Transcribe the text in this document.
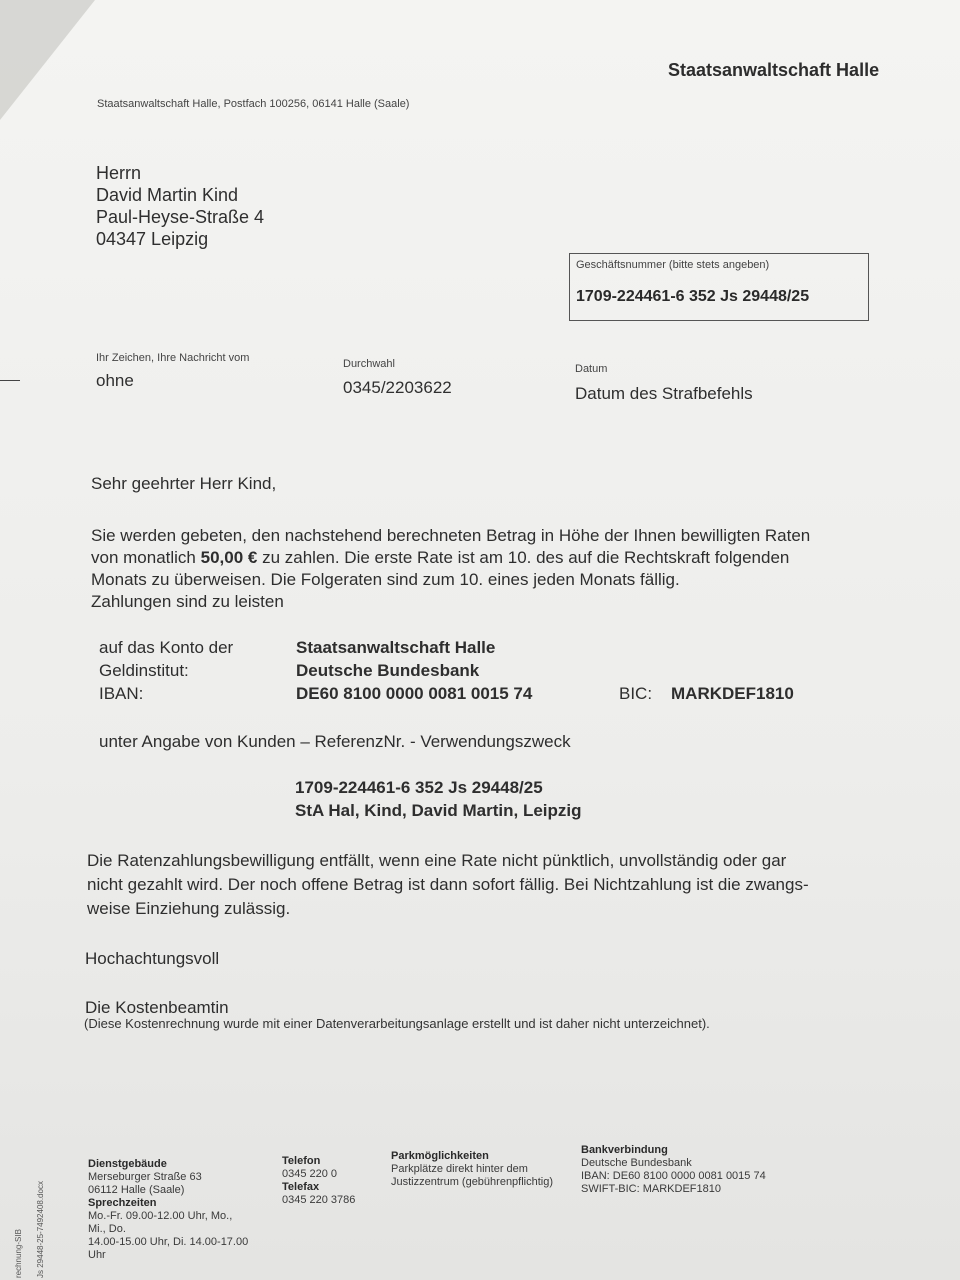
Staatsanwaltschaft Halle
Staatsanwaltschaft Halle, Postfach 100256, 06141 Halle (Saale)
Herrn
David Martin Kind
Paul-Heyse-Straße 4
04347 Leipzig
Geschäftsnummer (bitte stets angeben)
1709-224461-6 352 Js 29448/25
Ihr Zeichen, Ihre Nachricht vom
ohne
Durchwahl
0345/2203622
Datum
Datum des Strafbefehls
Sehr geehrter Herr Kind,
Sie werden gebeten, den nachstehend berechneten Betrag in Höhe der Ihnen bewilligten Raten
von monatlich 50,00 € zu zahlen. Die erste Rate ist am 10. des auf die Rechtskraft folgenden
Monats zu überweisen. Die Folgeraten sind zum 10. eines jeden Monats fällig.
Zahlungen sind zu leisten
auf das Konto der	Staatsanwaltschaft Halle
Geldinstitut:	Deutsche Bundesbank
IBAN:	DE60 8100 0000 0081 0015 74	BIC: MARKDEF1810
unter Angabe von Kunden – ReferenzNr. - Verwendungszweck
1709-224461-6 352 Js 29448/25
StA Hal, Kind, David Martin, Leipzig
Die Ratenzahlungsbewilligung entfällt, wenn eine Rate nicht pünktlich, unvollständig oder gar
nicht gezahlt wird. Der noch offene Betrag ist dann sofort fällig. Bei Nichtzahlung ist die zwangs-
weise Einziehung zulässig.
Hochachtungsvoll
Die Kostenbeamtin
(Diese Kostenrechnung wurde mit einer Datenverarbeitungsanlage erstellt und ist daher nicht unterzeichnet).
Dienstgebäude
Merseburger Straße 63
06112 Halle (Saale)
Sprechzeiten
Mo.-Fr. 09.00-12.00 Uhr, Mo.,
Mi., Do.
14.00-15.00 Uhr, Di. 14.00-17.00
Uhr
Telefon
0345 220 0
Telefax
0345 220 3786
Parkmöglichkeiten
Parkplätze direkt hinter dem
Justizzentrum (gebührenpflichtig)
Bankverbindung
Deutsche Bundesbank
IBAN: DE60 8100 0000 0081 0015 74
SWIFT-BIC: MARKDEF1810
Js 29448-25-7492408.docx
rechnung-SIB
